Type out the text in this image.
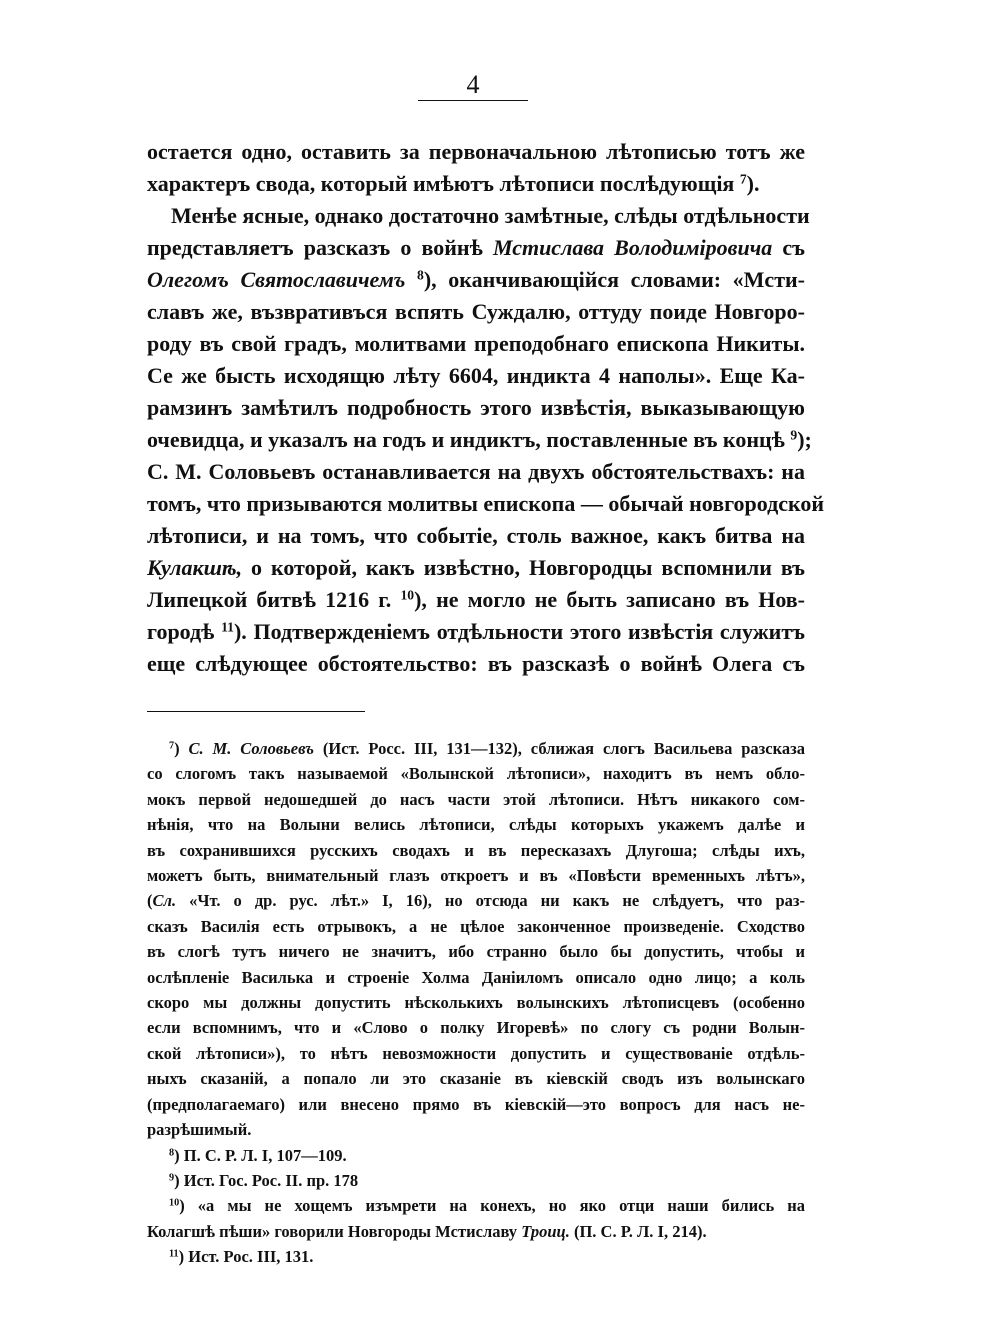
4
остается одно, оставить за первоначальною лѣтописью тотъ же
характеръ свода, который имѣютъ лѣтописи послѣдующія $^7$).
Менѣе ясные, однако достаточно замѣтные, слѣды отдѣльности
представляетъ разсказъ о войнѣ Мстислава Володиміровича съ
Олегомъ Святославичемъ $^8$), оканчивающійся словами: «Мсти-
славъ же, възвративъся вспять Суждалю, оттуду поиде Новгоро-
роду въ свой градъ, молитвами преподобнаго епископа Никиты.
Се же бысть исходящю лѣту 6604, индикта 4 наполы». Еще Ка-
рамзинъ замѣтилъ подробность этого извѣстія, выказывающую
очевидца, и указалъ на годъ и индиктъ, поставленные въ концѣ $^9$);
С. М. Соловьевъ останавливается на двухъ обстоятельствахъ: на
томъ, что призываются молитвы епископа — обычай новгородской
лѣтописи, и на томъ, что событіе, столь важное, какъ битва на
Кулакшѣ, о которой, какъ извѣстно, Новгородцы вспомнили въ
Липецкой битвѣ 1216 г. $^{10}$), не могло не быть записано въ Нов-
городѣ $^{11}$). Подтвержденіемъ отдѣльности этого извѣстія служитъ
еще слѣдующее обстоятельство: въ разсказѣ о войнѣ Олега съ
$^7$) С. М. Соловьевъ (Ист. Росс. III, 131—132), сближая слогъ Васильева разсказа
со слогомъ такъ называемой «Волынской лѣтописи», находитъ въ немъ обло-
мокъ первой недошедшей до насъ части этой лѣтописи. Нѣтъ никакого сом-
нѣнія, что на Волыни велись лѣтописи, слѣды которыхъ укажемъ далѣе и
въ сохранившихся русскихъ сводахъ и въ пересказахъ Длугоша; слѣды ихъ,
можетъ быть, внимательный глазъ откроетъ и въ «Повѣсти временныхъ лѣтъ»,
(Сл. «Чт. о др. рус. лѣт.» I, 16), но отсюда ни какъ не слѣдуетъ, что раз-
сказъ Василія есть отрывокъ, а не цѣлое законченное произведеніе. Сходство
въ слогѣ тутъ ничего не значитъ, ибо странно было бы допустить, чтобы и
ослѣпленіе Василька и строеніе Холма Даніиломъ описало одно лицо; а коль
скоро мы должны допустить нѣсколькихъ волынскихъ лѣтописцевъ (особенно
если вспомнимъ, что и «Слово о полку Игоревѣ» по слогу съ родни Волын-
ской лѣтописи»), то нѣтъ невозможности допустить и существованіе отдѣль-
ныхъ сказаній, а попало ли это сказаніе въ кіевскій сводъ изъ волынскаго
(предполагаемаго) или внесено прямо въ кіевскій—это вопросъ для насъ не-
разрѣшимый.
$^8$) П. С. Р. Л. I, 107—109.
$^9$) Ист. Гос. Рос. II. пр. 178
$^{10}$) «а мы не хощемъ изъмрети на конехъ, но яко отци наши бились на
Колагшѣ пѣши» говорили Новгороды Мстиславу Троиц. (П. С. Р. Л. I, 214).
$^{11}$) Ист. Рос. III, 131.
